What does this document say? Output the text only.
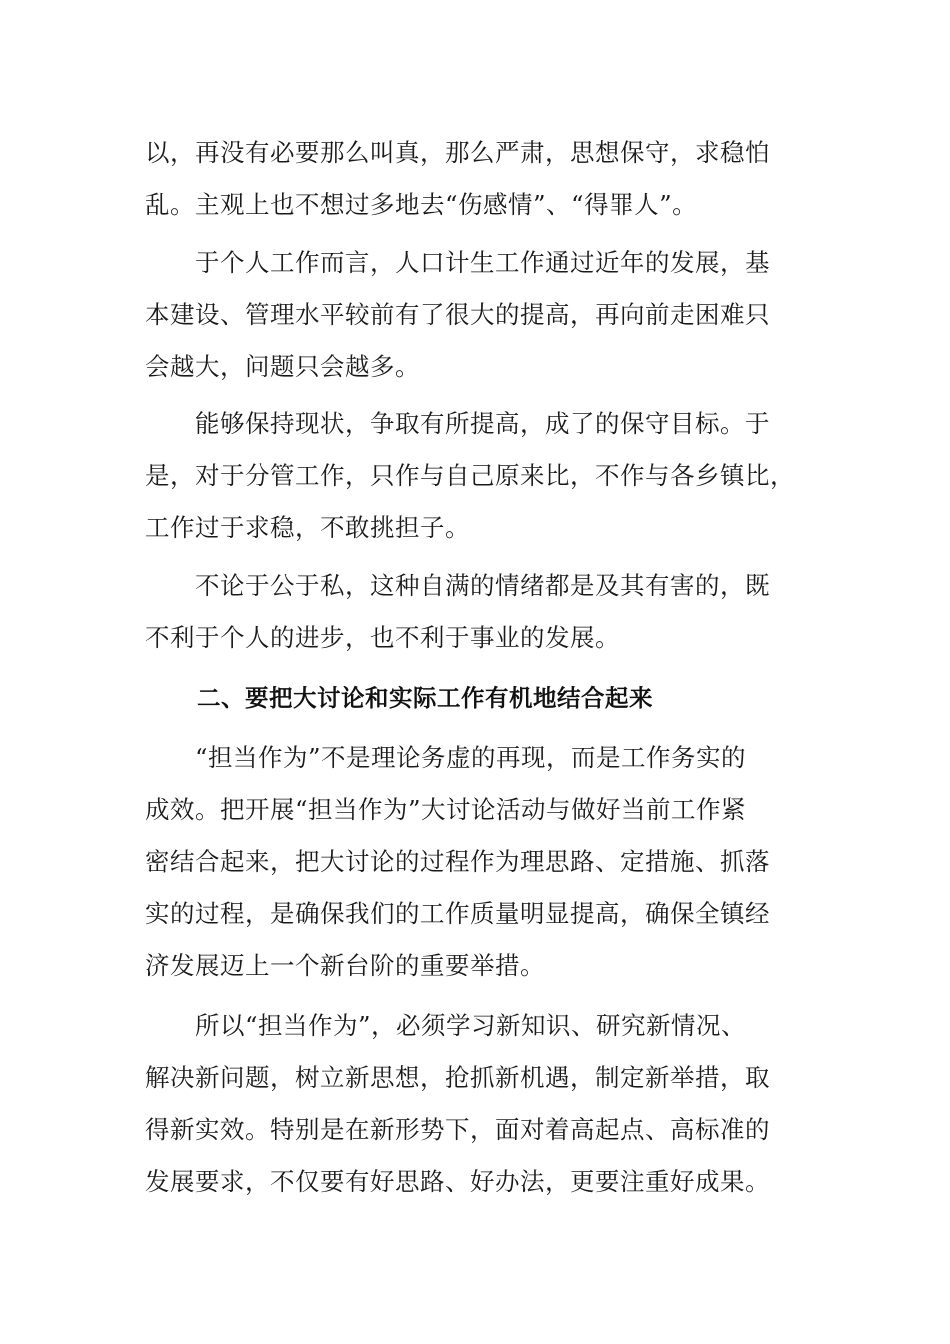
以，再没有必要那么叫真，那么严肃，思想保守，求稳怕
乱。主观上也不想过多地去“伤感情”、“得罪人”。
　　于个人工作而言，人口计生工作通过近年的发展，基
本建设、管理水平较前有了很大的提高，再向前走困难只
会越大，问题只会越多。
　　能够保持现状，争取有所提高，成了的保守目标。于
是，对于分管工作，只作与自己原来比，不作与各乡镇比，
工作过于求稳，不敢挑担子。
　　不论于公于私，这种自满的情绪都是及其有害的，既
不利于个人的进步，也不利于事业的发展。
二、要把大讨论和实际工作有机地结合起来
　　“担当作为”不是理论务虚的再现，而是工作务实的
成效。把开展“担当作为”大讨论活动与做好当前工作紧
密结合起来，把大讨论的过程作为理思路、定措施、抓落
实的过程，是确保我们的工作质量明显提高，确保全镇经
济发展迈上一个新台阶的重要举措。
　　所以“担当作为”，必须学习新知识、研究新情况、
解决新问题，树立新思想，抢抓新机遇，制定新举措，取
得新实效。特别是在新形势下，面对着高起点、高标准的
发展要求，不仅要有好思路、好办法，更要注重好成果。
